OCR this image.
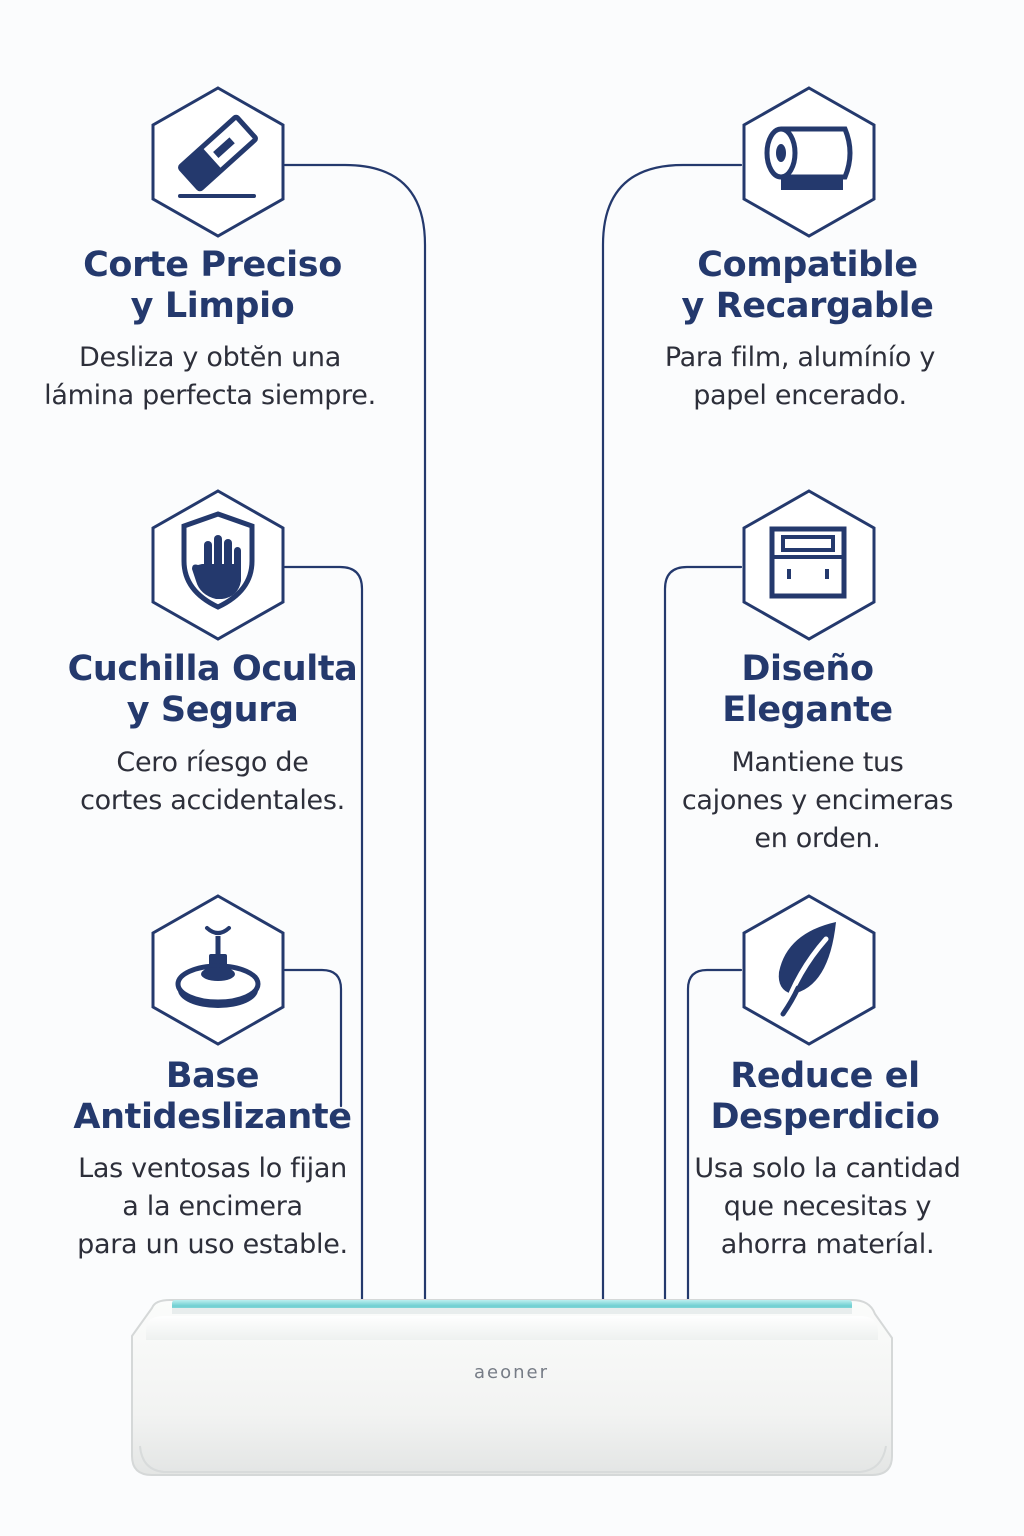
Corte Preciso
y Limpio
Desliza y obtĕn una
lámina perfecta siempre.
Compatible
y Recargable
Para film, alumínío y
papel encerado.
Cuchilla Oculta
y Segura
Cero ríesgo de
cortes accidentales.
Diseño
Elegante
Mantiene tus
cajones y encimeras
en orden.
Base
Antideslizante
Las ventosas lo fijan
a la encimera
para un uso estable.
Reduce el
Desperdicio
Usa solo la cantidad
que necesitas y
ahorra materíal.
aeoner
